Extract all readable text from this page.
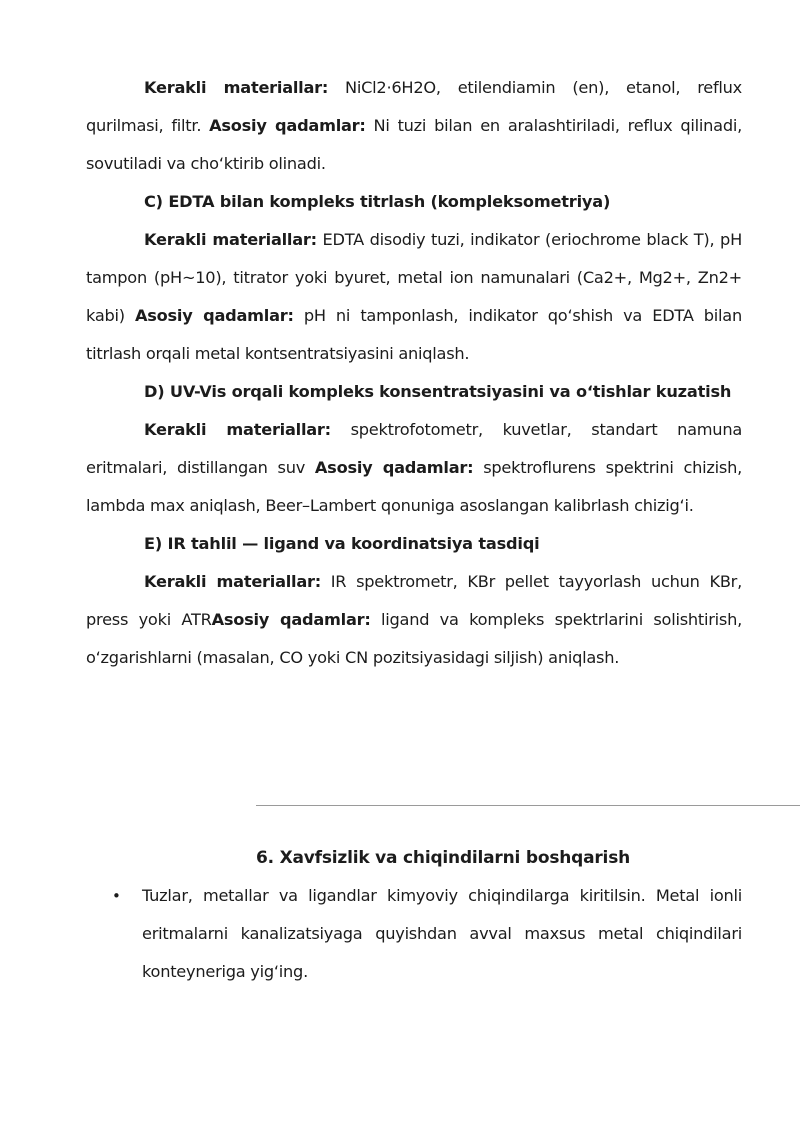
Kerakli materiallar: NiCl2·6H2O, etilendiamin (en), etanol, reflux qurilmasi, filtr. Asosiy qadamlar: Ni tuzi bilan en aralashtiriladi, reflux qilinadi, sovutiladi va cho‘ktirib olinadi.

C) EDTA bilan kompleks titrlash (kompleksometriya)

Kerakli materiallar: EDTA disodiy tuzi, indikator (eriochrome black T), pH tampon (pH~10), titrator yoki byuret, metal ion namunalari (Ca2+, Mg2+, Zn2+ kabi) Asosiy qadamlar: pH ni tamponlash, indikator qo‘shish va EDTA bilan titrlash orqali metal kontsentratsiyasini aniqlash.

D) UV-Vis orqali kompleks konsentratsiyasini va o‘tishlar kuzatish

Kerakli materiallar: spektrofotometr, kuvetlar, standart namuna eritmalari, distillangan suv Asosiy qadamlar: spektroflurens spektrini chizish, lambda max aniqlash, Beer–Lambert qonuniga asoslangan kalibrlash chizig‘i.

E) IR tahlil — ligand va koordinatsiya tasdiqi

Kerakli materiallar: IR spektrometr, KBr pellet tayyorlash uchun KBr, press yoki ATRAsosiy qadamlar: ligand va kompleks spektrlarini solishtirish, o‘zgarishlarni (masalan, CO yoki CN pozitsiyasidagi siljish) aniqlash.

6. Xavfsizlik va chiqindilarni boshqarish
• Tuzlar, metallar va ligandlar kimyoviy chiqindilarga kiritilsin. Metal ionli eritmalarni kanalizatsiyaga quyishdan avval maxsus metal chiqindilari konteyneriga yig‘ing.
